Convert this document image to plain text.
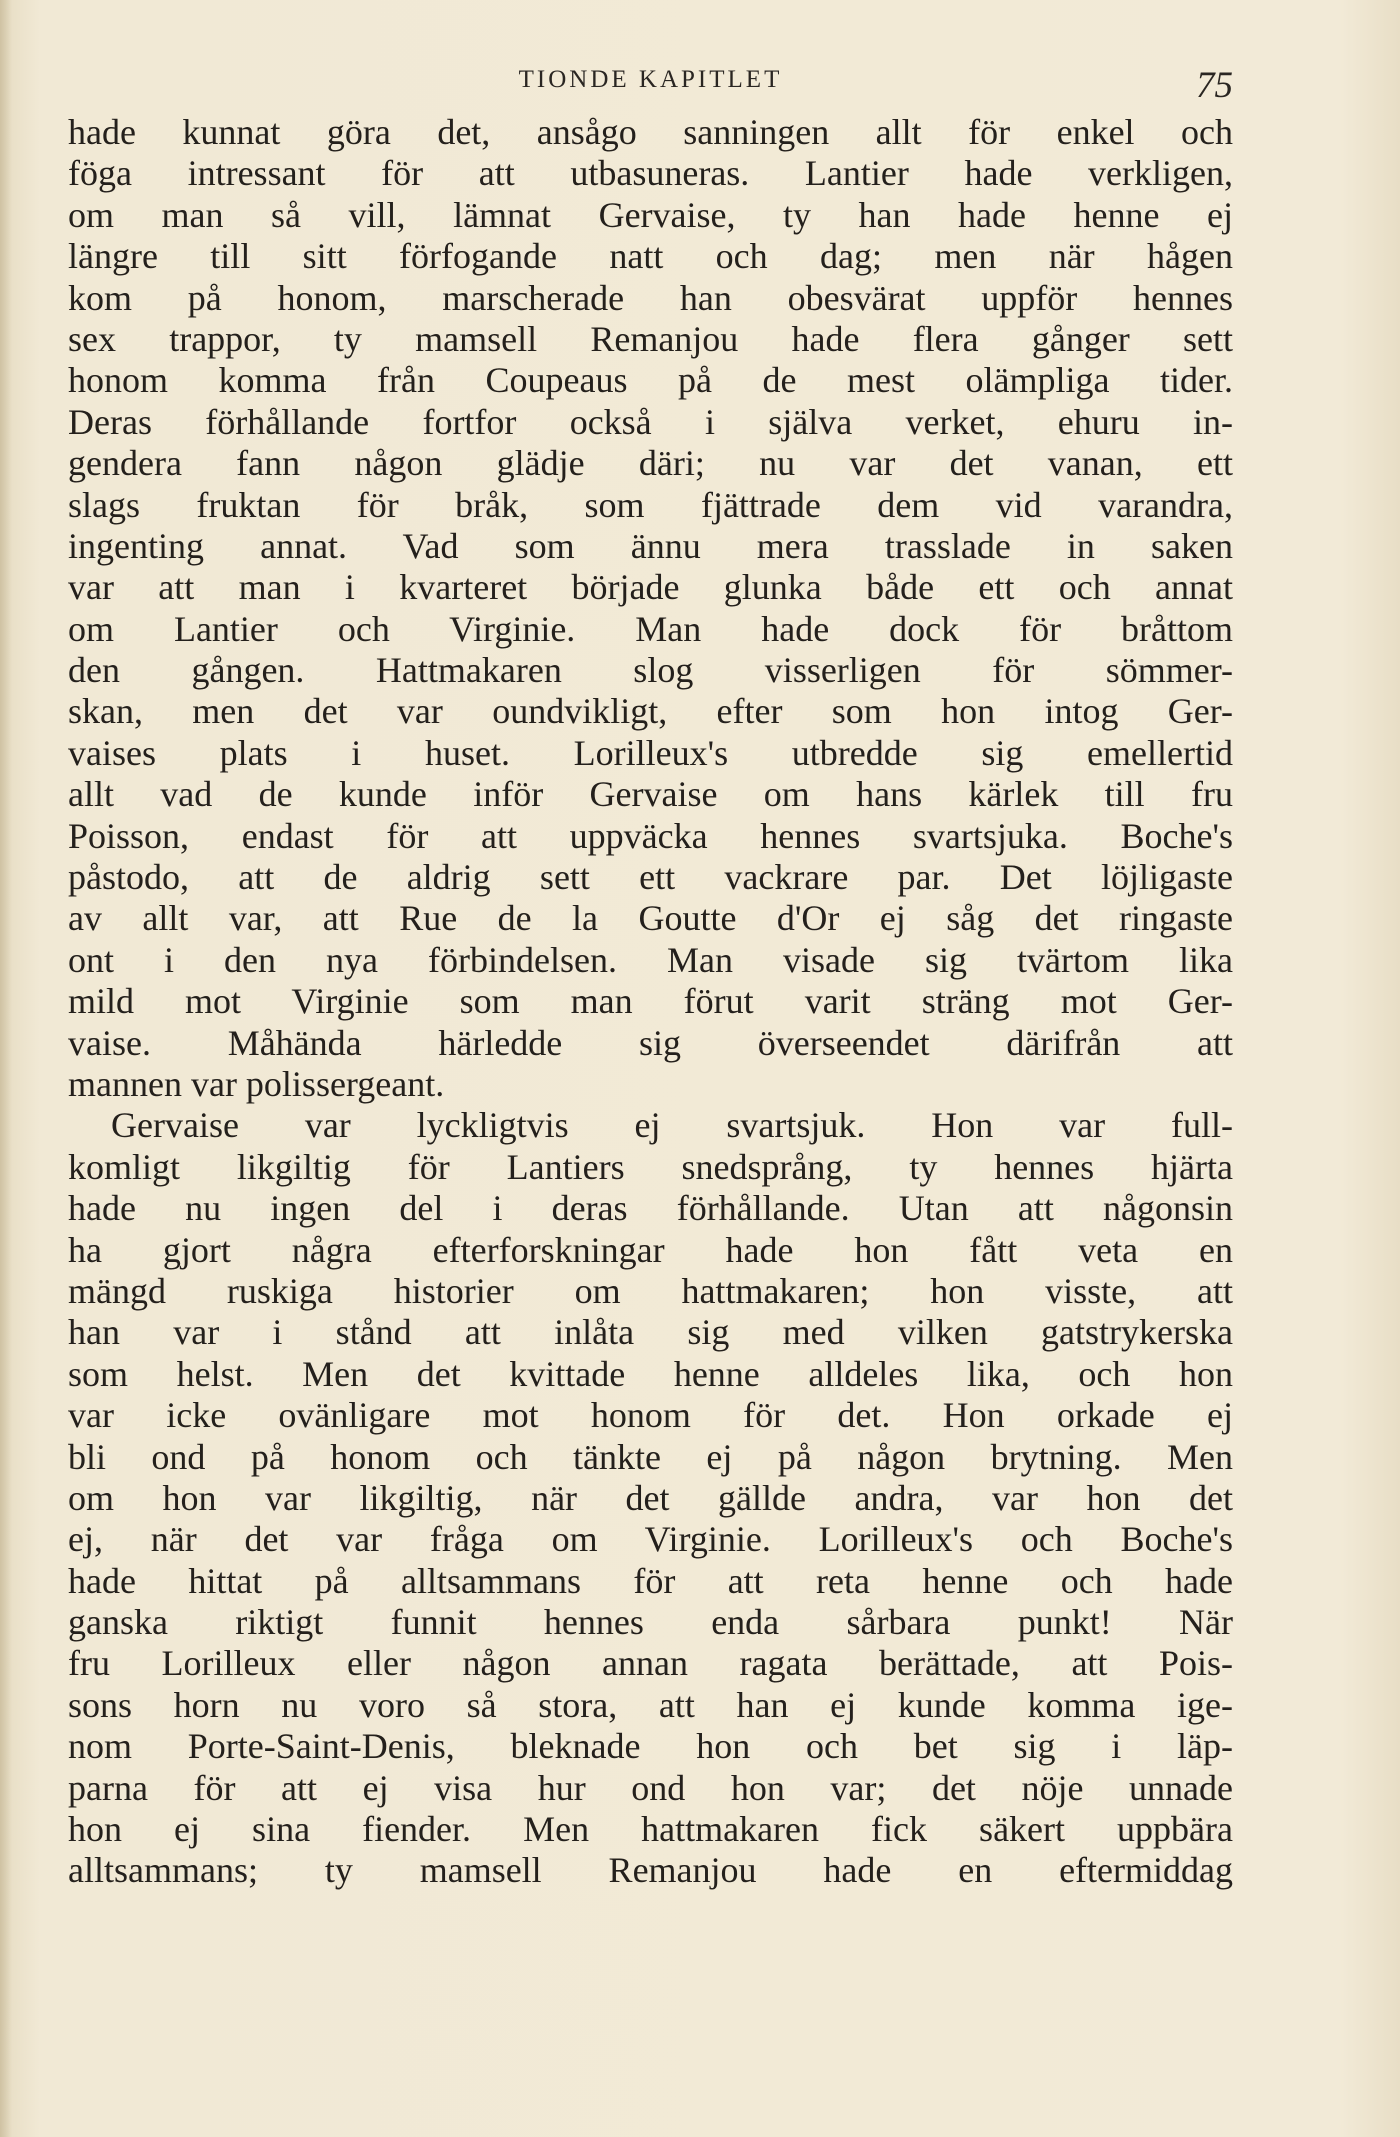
TIONDE KAPITLET	75
hade kunnat göra det, ansågo sanningen allt för enkel och
föga intressant för att utbasuneras. Lantier hade verkligen,
om man så vill, lämnat Gervaise, ty han hade henne ej
längre till sitt förfogande natt och dag; men när hågen
kom på honom, marscherade han obesvärat uppför hennes
sex trappor, ty mamsell Remanjou hade flera gånger sett
honom komma från Coupeaus på de mest olämpliga tider.
Deras förhållande fortfor också i själva verket, ehuru in-
gendera fann någon glädje däri; nu var det vanan, ett
slags fruktan för bråk, som fjättrade dem vid varandra,
ingenting annat. Vad som ännu mera trasslade in saken
var att man i kvarteret började glunka både ett och annat
om Lantier och Virginie. Man hade dock för bråttom
den gången. Hattmakaren slog visserligen för sömmer-
skan, men det var oundvikligt, efter som hon intog Ger-
vaises plats i huset. Lorilleux's utbredde sig emellertid
allt vad de kunde inför Gervaise om hans kärlek till fru
Poisson, endast för att uppväcka hennes svartsjuka. Boche's
påstodo, att de aldrig sett ett vackrare par. Det löjligaste
av allt var, att Rue de la Goutte d'Or ej såg det ringaste
ont i den nya förbindelsen. Man visade sig tvärtom lika
mild mot Virginie som man förut varit sträng mot Ger-
vaise. Måhända härledde sig överseendet därifrån att
mannen var polissergeant.
Gervaise var lyckligtvis ej svartsjuk. Hon var full-
komligt likgiltig för Lantiers snedsprång, ty hennes hjärta
hade nu ingen del i deras förhållande. Utan att någonsin
ha gjort några efterforskningar hade hon fått veta en
mängd ruskiga historier om hattmakaren; hon visste, att
han var i stånd att inlåta sig med vilken gatstrykerska
som helst. Men det kvittade henne alldeles lika, och hon
var icke ovänligare mot honom för det. Hon orkade ej
bli ond på honom och tänkte ej på någon brytning. Men
om hon var likgiltig, när det gällde andra, var hon det
ej, när det var fråga om Virginie. Lorilleux's och Boche's
hade hittat på alltsammans för att reta henne och hade
ganska riktigt funnit hennes enda sårbara punkt! När
fru Lorilleux eller någon annan ragata berättade, att Pois-
sons horn nu voro så stora, att han ej kunde komma ige-
nom Porte-Saint-Denis, bleknade hon och bet sig i läp-
parna för att ej visa hur ond hon var; det nöje unnade
hon ej sina fiender. Men hattmakaren fick säkert uppbära
alltsammans; ty mamsell Remanjou hade en eftermiddag
